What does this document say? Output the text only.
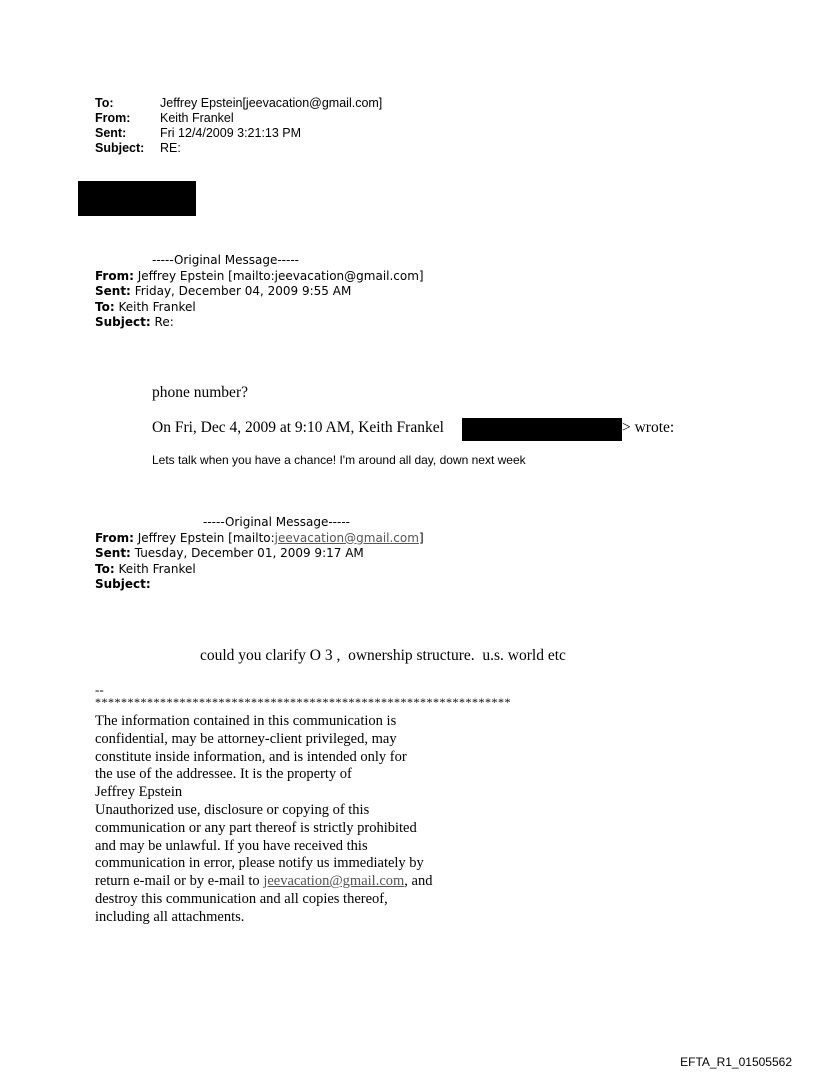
To:	Jeffrey Epstein[jeevacation@gmail.com]
From:	Keith Frankel
Sent:	Fri 12/4/2009 3:21:13 PM
Subject:	RE:
-----Original Message-----
From: Jeffrey Epstein [mailto:jeevacation@gmail.com]
Sent: Friday, December 04, 2009 9:55 AM
To: Keith Frankel
Subject: Re:
phone number?
On Fri, Dec 4, 2009 at 9:10 AM, Keith Frankel	> wrote:
Lets talk when you have a chance! I'm around all day, down next week
-----Original Message-----
From: Jeffrey Epstein [mailto:jeevacation@gmail.com]
Sent: Tuesday, December 01, 2009 9:17 AM
To: Keith Frankel
Subject:
could you clarify O 3 ,  ownership structure.  u.s. world etc
--
****************************************************************
The information contained in this communication is
confidential, may be attorney-client privileged, may
constitute inside information, and is intended only for
the use of the addressee. It is the property of
Jeffrey Epstein
Unauthorized use, disclosure or copying of this
communication or any part thereof is strictly prohibited
and may be unlawful. If you have received this
communication in error, please notify us immediately by
return e-mail or by e-mail to jeevacation@gmail.com, and
destroy this communication and all copies thereof,
including all attachments.
EFTA_R1_01505562
